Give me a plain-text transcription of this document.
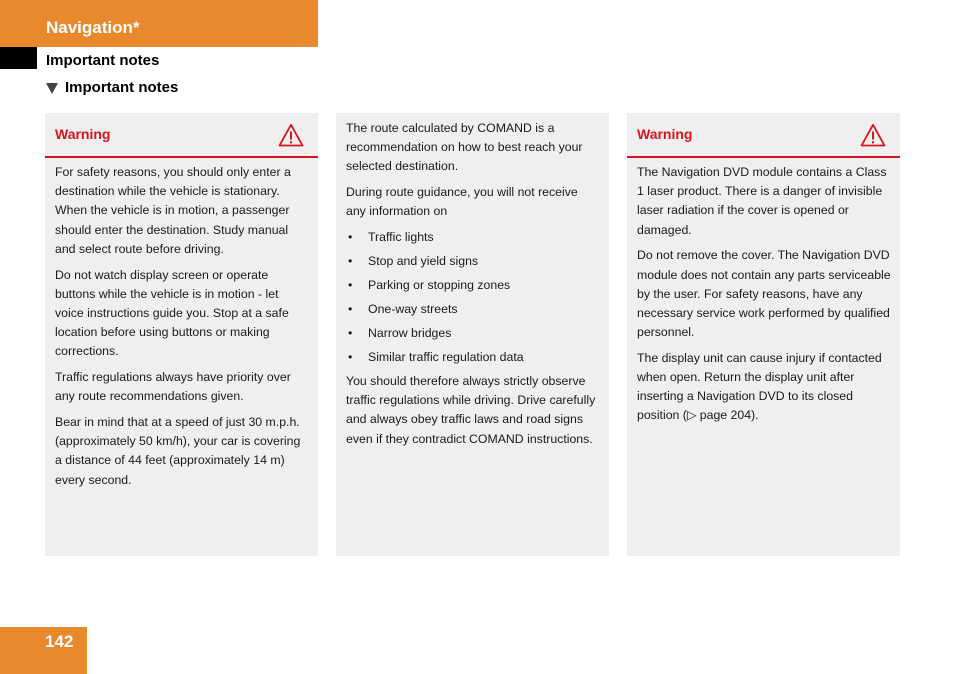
Navigation*
Important notes
Important notes
Warning

For safety reasons, you should only enter a destination while the vehicle is stationary. When the vehicle is in motion, a passenger should enter the destination. Study manual and select route before driving.

Do not watch display screen or operate buttons while the vehicle is in motion - let voice instructions guide you. Stop at a safe location before using buttons or making corrections.

Traffic regulations always have priority over any route recommendations given.

Bear in mind that at a speed of just 30 m.p.h. (approximately 50 km/h), your car is covering a distance of 44 feet (approximately 14 m) every second.

The route calculated by COMAND is a recommendation on how to best reach your selected destination.

During route guidance, you will not receive any information on

• Traffic lights
• Stop and yield signs
• Parking or stopping zones
• One-way streets
• Narrow bridges
• Similar traffic regulation data

You should therefore always strictly observe traffic regulations while driving. Drive carefully and always obey traffic laws and road signs even if they contradict COMAND instructions.

Warning

The Navigation DVD module contains a Class 1 laser product. There is a danger of invisible laser radiation if the cover is opened or damaged.

Do not remove the cover. The Navigation DVD module does not contain any parts serviceable by the user. For safety reasons, have any necessary service work performed by qualified personnel.

The display unit can cause injury if contacted when open. Return the display unit after inserting a Navigation DVD to its closed position (▷ page 204).

142
